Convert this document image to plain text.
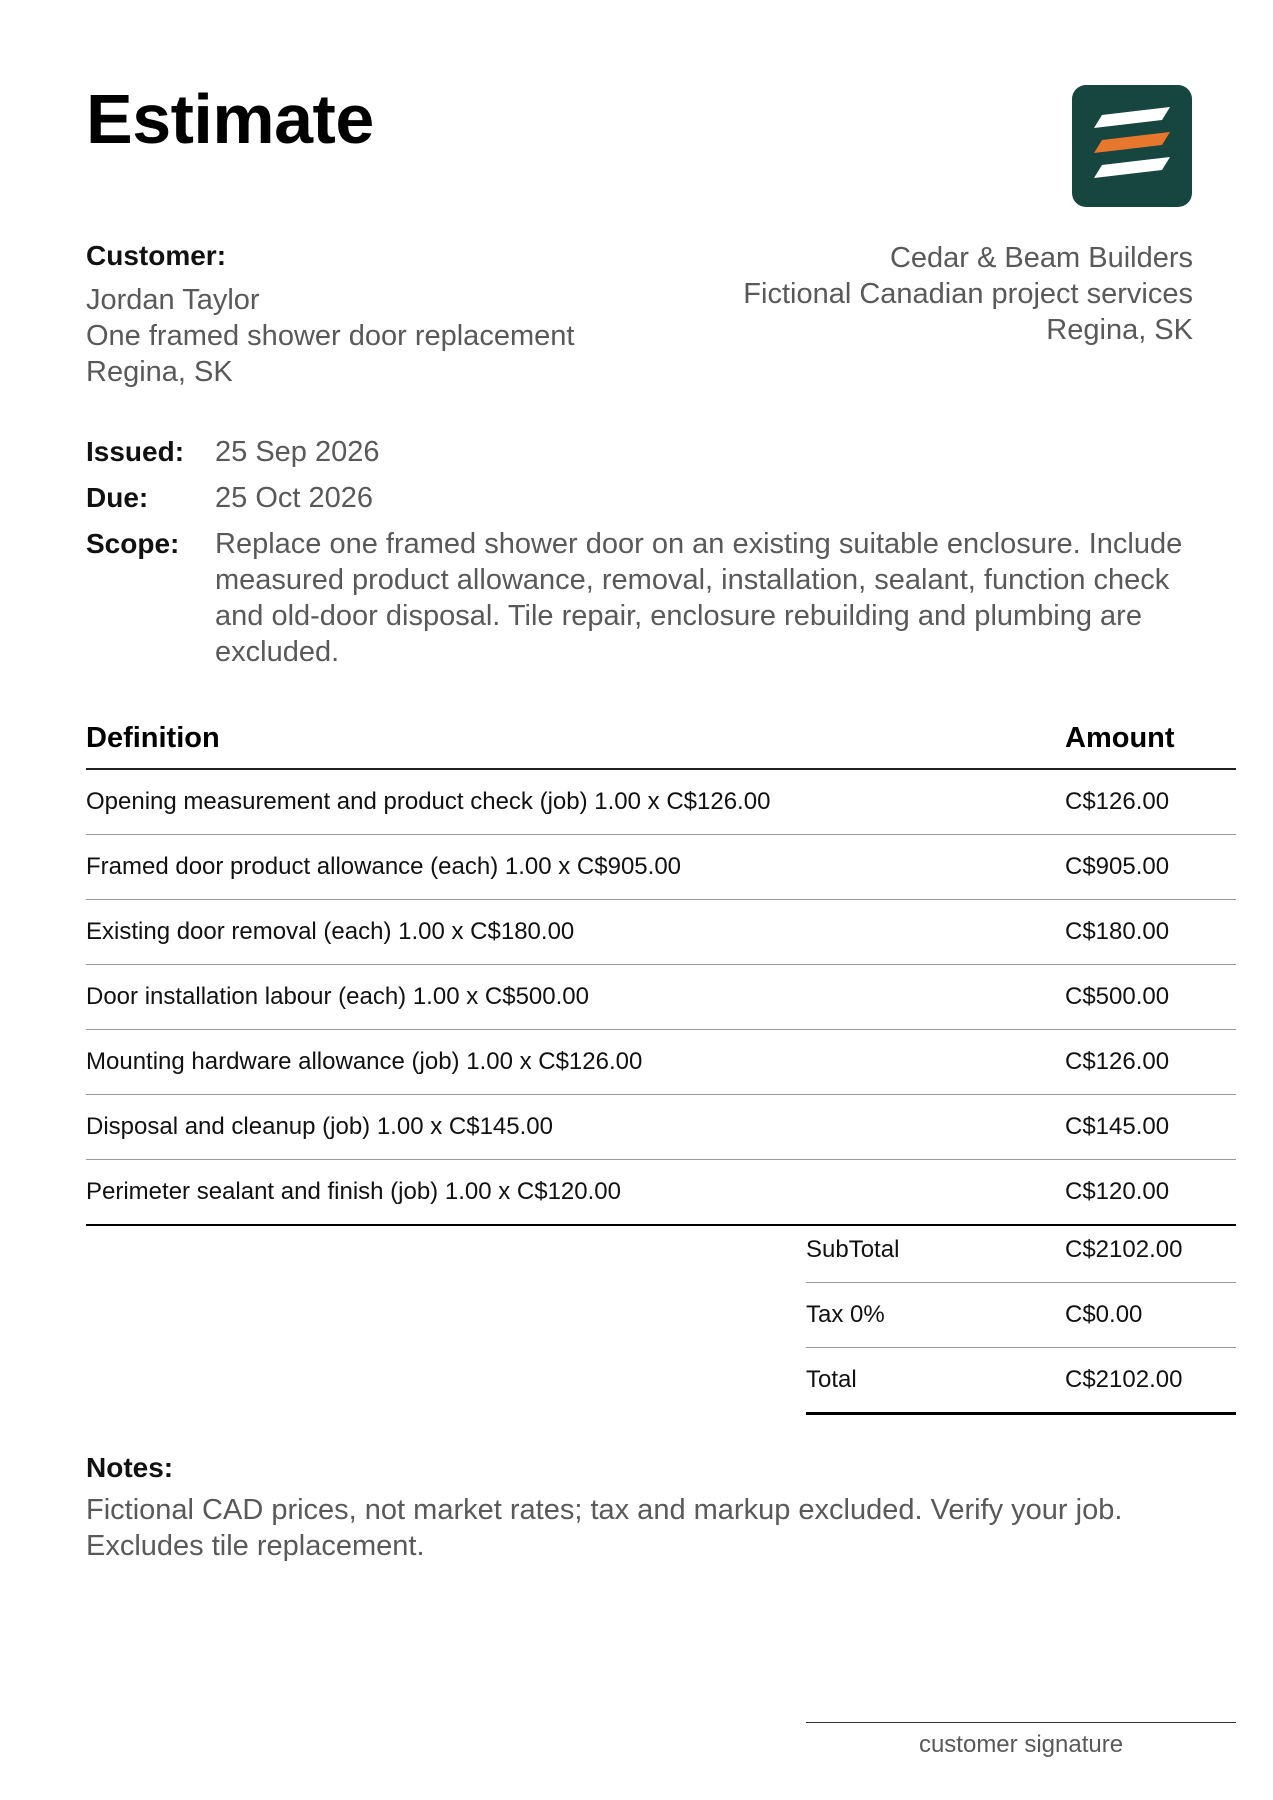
Estimate
Customer:
Jordan Taylor
One framed shower door replacement
Regina, SK
Cedar & Beam Builders
Fictional Canadian project services
Regina, SK
Issued:	25 Sep 2026
Due:	25 Oct 2026
Scope:	Replace one framed shower door on an existing suitable enclosure. Include measured product allowance, removal, installation, sealant, function check and old-door disposal. Tile repair, enclosure rebuilding and plumbing are excluded.
Definition	Amount
Opening measurement and product check (job) 1.00 x C$126.00	C$126.00
Framed door product allowance (each) 1.00 x C$905.00	C$905.00
Existing door removal (each) 1.00 x C$180.00	C$180.00
Door installation labour (each) 1.00 x C$500.00	C$500.00
Mounting hardware allowance (job) 1.00 x C$126.00	C$126.00
Disposal and cleanup (job) 1.00 x C$145.00	C$145.00
Perimeter sealant and finish (job) 1.00 x C$120.00	C$120.00
SubTotal	C$2102.00
Tax 0%	C$0.00
Total	C$2102.00
Notes:
Fictional CAD prices, not market rates; tax and markup excluded. Verify your job.
Excludes tile replacement.
customer signature
